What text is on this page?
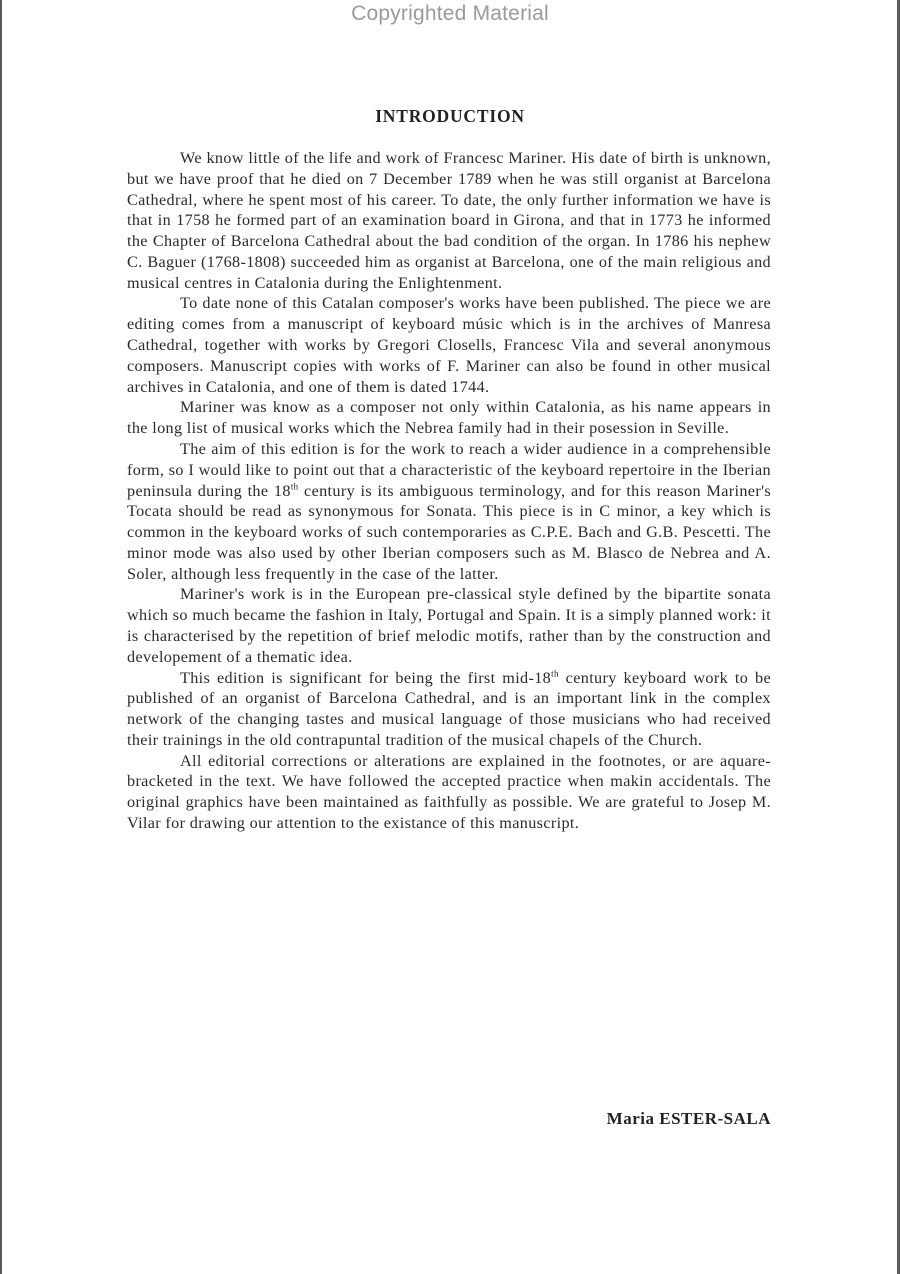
Copyrighted Material
INTRODUCTION

We know little of the life and work of Francesc Mariner. His date of birth is unknown, but we have proof that he died on 7 December 1789 when he was still organist at Barcelona Cathedral, where he spent most of his career. To date, the only further information we have is that in 1758 he formed part of an examination board in Girona, and that in 1773 he informed the Chapter of Barcelona Cathedral about the bad condition of the organ. In 1786 his nephew C. Baguer (1768-1808) succeeded him as organist at Barcelona, one of the main religious and musical centres in Catalonia during the Enlightenment.

To date none of this Catalan composer's works have been published. The piece we are editing comes from a manuscript of keyboard músic which is in the archives of Manresa Cathedral, together with works by Gregori Closells, Francesc Vila and several anonymous composers. Manuscript copies with works of F. Mariner can also be found in other musical archives in Catalonia, and one of them is dated 1744.

Mariner was know as a composer not only within Catalonia, as his name appears in the long list of musical works which the Nebrea family had in their posession in Seville.

The aim of this edition is for the work to reach a wider audience in a comprehensible form, so I would like to point out that a characteristic of the keyboard repertoire in the Iberian peninsula during the 18th century is its ambiguous terminology, and for this reason Mariner's Tocata should be read as synonymous for Sonata. This piece is in C minor, a key which is common in the keyboard works of such contemporaries as C.P.E. Bach and G.B. Pescetti. The minor mode was also used by other Iberian composers such as M. Blasco de Nebrea and A. Soler, although less frequently in the case of the latter.

Mariner's work is in the European pre-classical style defined by the bipartite sonata which so much became the fashion in Italy, Portugal and Spain. It is a simply planned work: it is characterised by the repetition of brief melodic motifs, rather than by the construction and developement of a thematic idea.

This edition is significant for being the first mid-18th century keyboard work to be published of an organist of Barcelona Cathedral, and is an important link in the complex network of the changing tastes and musical language of those musicians who had received their trainings in the old contrapuntal tradition of the musical chapels of the Church.

All editorial corrections or alterations are explained in the footnotes, or are aquare-bracketed in the text. We have followed the accepted practice when makin accidentals. The original graphics have been maintained as faithfully as possible. We are grateful to Josep M. Vilar for drawing our attention to the existance of this manuscript.

Maria ESTER-SALA
